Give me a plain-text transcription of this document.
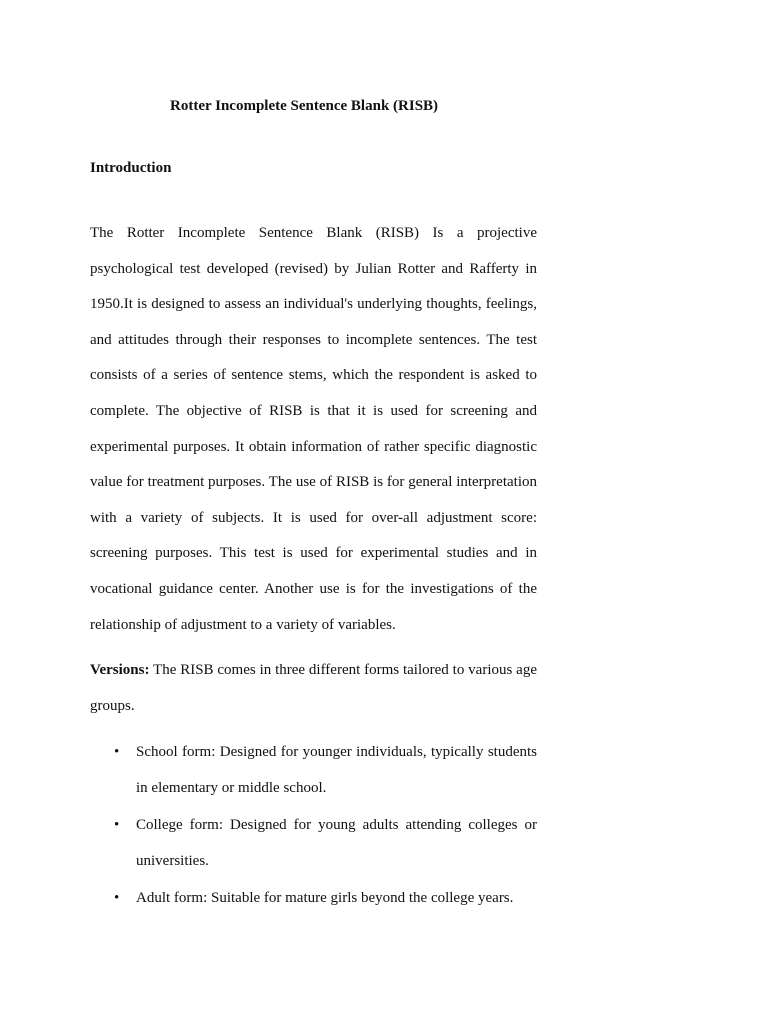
Rotter Incomplete Sentence Blank (RISB)
Introduction

The Rotter Incomplete Sentence Blank (RISB) Is a projective psychological test developed (revised) by Julian Rotter and Rafferty in 1950.It is designed to assess an individual's underlying thoughts, feelings, and attitudes through their responses to incomplete sentences. The test consists of a series of sentence stems, which the respondent is asked to complete. The objective of RISB is that it is used for screening and experimental purposes. It obtain information of rather specific diagnostic value for treatment purposes. The use of RISB is for general interpretation with a variety of subjects. It is used for over-all adjustment score: screening purposes. This test is used for experimental studies and in vocational guidance center. Another use is for the investigations of the relationship of adjustment to a variety of variables.

Versions: The RISB comes in three different forms tailored to various age groups.

• School form: Designed for younger individuals, typically students in elementary or middle school.
• College form: Designed for young adults attending colleges or universities.
• Adult form: Suitable for mature girls beyond the college years.
